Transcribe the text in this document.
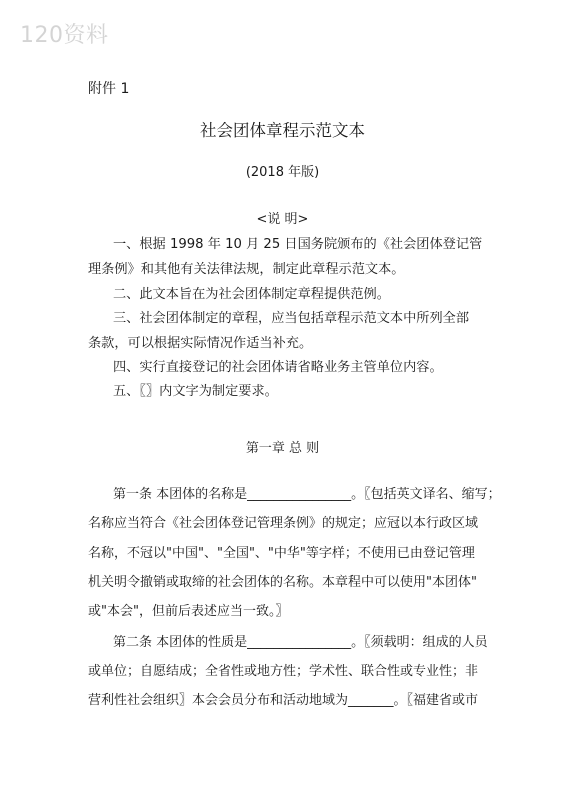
120资料
附件 1
社会团体章程示范文本
(2018 年版)
<说 明>
一、根据 1998 年 10 月 25 日国务院颁布的《社会团体登记管
理条例》和其他有关法律法规，制定此章程示范文本。
二、此文本旨在为社会团体制定章程提供范例。
三、社会团体制定的章程，应当包括章程示范文本中所列全部
条款，可以根据实际情况作适当补充。
四、实行直接登记的社会团体请省略业务主管单位内容。
五、〖〗内文字为制定要求。
第一章 总 则
第一条 本团体的名称是________________。〖包括英文译名、缩写；
名称应当符合《社会团体登记管理条例》的规定；应冠以本行政区域
名称，不冠以"中国"、"全国"、"中华"等字样；不使用已由登记管理
机关明令撤销或取缔的社会团体的名称。本章程中可以使用"本团体"
或"本会"，但前后表述应当一致。〗
第二条 本团体的性质是________________。〖须载明：组成的人员
或单位；自愿结成；全省性或地方性；学术性、联合性或专业性；非
营利性社会组织〗本会会员分布和活动地域为_______。〖福建省或市
